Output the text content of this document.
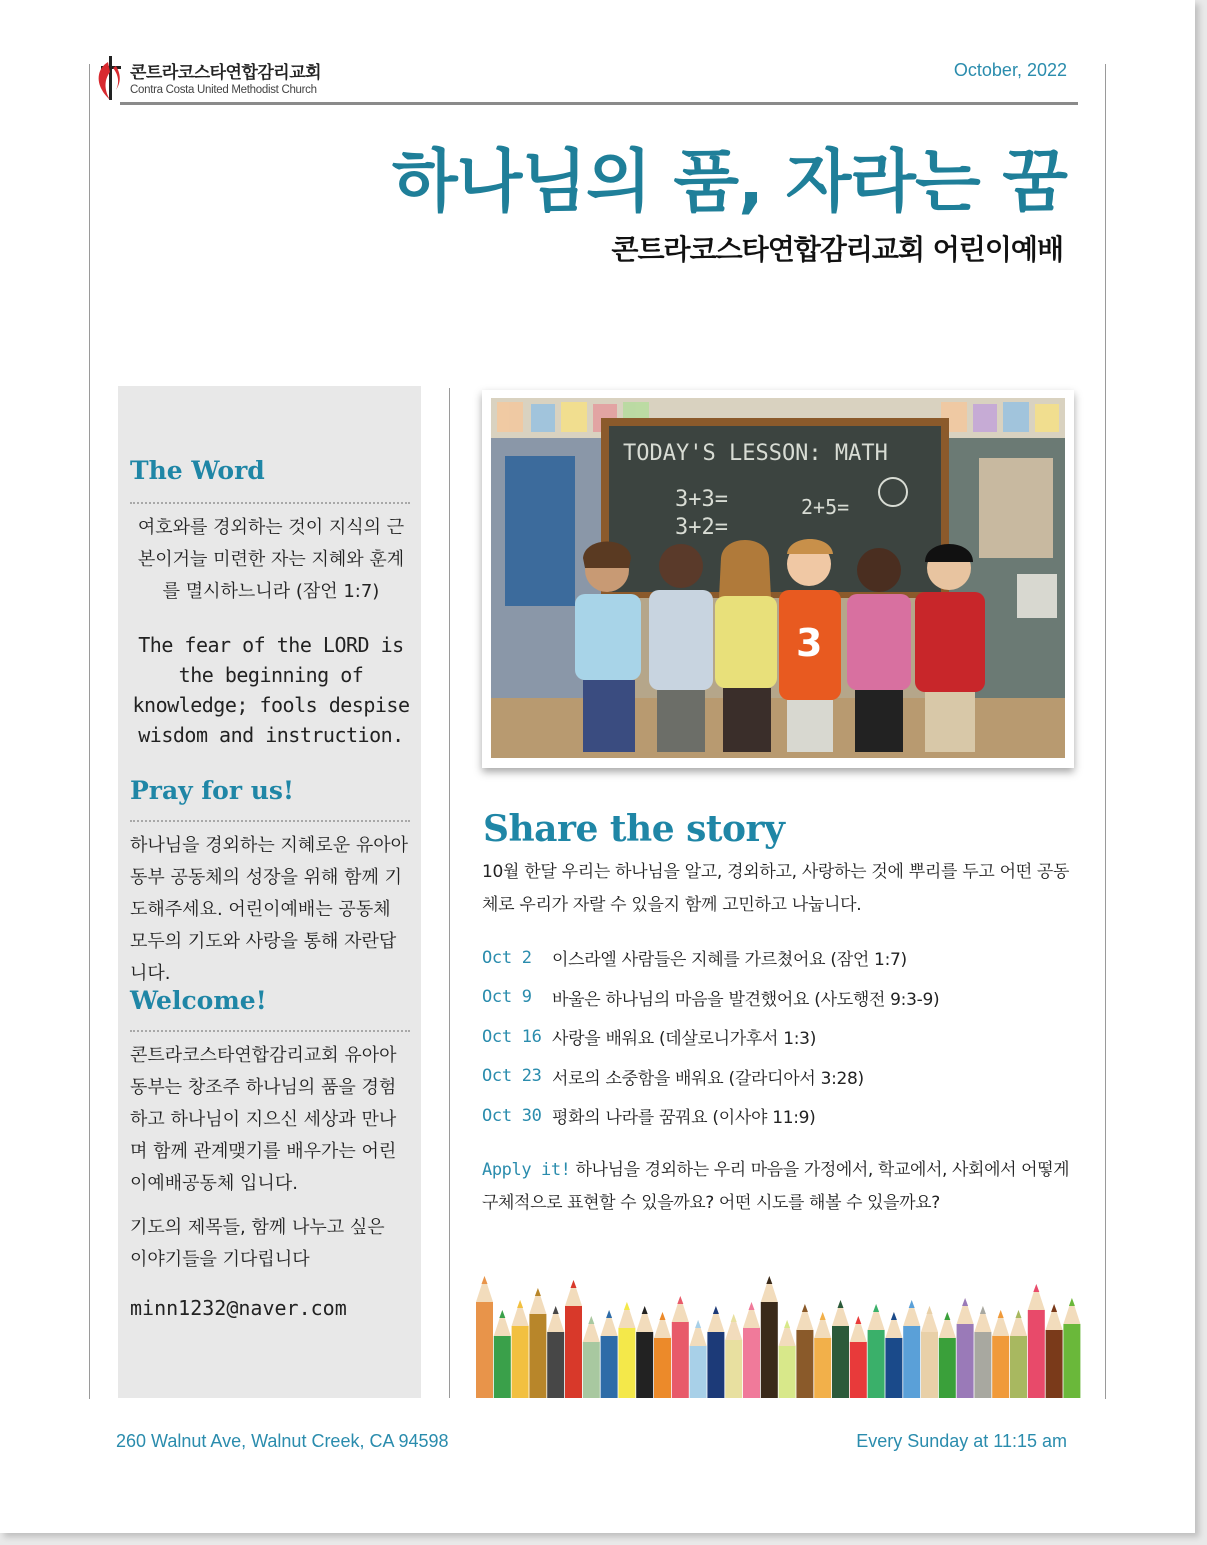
콘트라코스타연합감리교회
Contra Costa United Methodist Church
October, 2022
하나님의 품, 자라는 꿈
콘트라코스타연합감리교회 어린이예배
The Word
여호와를 경외하는 것이 지식의 근본이거늘 미련한 자는 지혜와 훈계를 멸시하느니라 (잠언 1:7)
The fear of the LORD is the beginning of knowledge; fools despise wisdom and instruction.
Pray for us!
하나님을 경외하는 지혜로운 유아아동부 공동체의 성장을 위해 함께 기도해주세요. 어린이예배는 공동체 모두의 기도와 사랑을 통해 자란답니다.
Welcome!
콘트라코스타연합감리교회 유아아동부는 창조주 하나님의 품을 경험하고 하나님이 지으신 세상과 만나며 함께 관계맺기를 배우가는 어린이예배공동체 입니다.
기도의 제목들, 함께 나누고 싶은 이야기들을 기다립니다
minn1232@naver.com
TODAY'S LESSON: MATH
3+3=
3+2=
2+5=
3
Share the story
10월 한달 우리는 하나님을 알고, 경외하고, 사랑하는 것에 뿌리를 두고 어떤 공동체로 우리가 자랄 수 있을지 함께 고민하고 나눕니다.
Oct 2	이스라엘 사람들은 지혜를 가르쳤어요 (잠언 1:7)
Oct 9	바울은 하나님의 마음을 발견했어요 (사도행전 9:3-9)
Oct 16 사랑을 배워요 (데살로니가후서 1:3)
Oct 23 서로의 소중함을 배워요 (갈라디아서 3:28)
Oct 30 평화의 나라를 꿈꿔요 (이사야 11:9)
Apply it! 하나님을 경외하는 우리 마음을 가정에서, 학교에서, 사회에서 어떻게 구체적으로 표현할 수 있을까요? 어떤 시도를 해볼 수 있을까요?
260 Walnut Ave, Walnut Creek, CA 94598	Every Sunday at 11:15 am
